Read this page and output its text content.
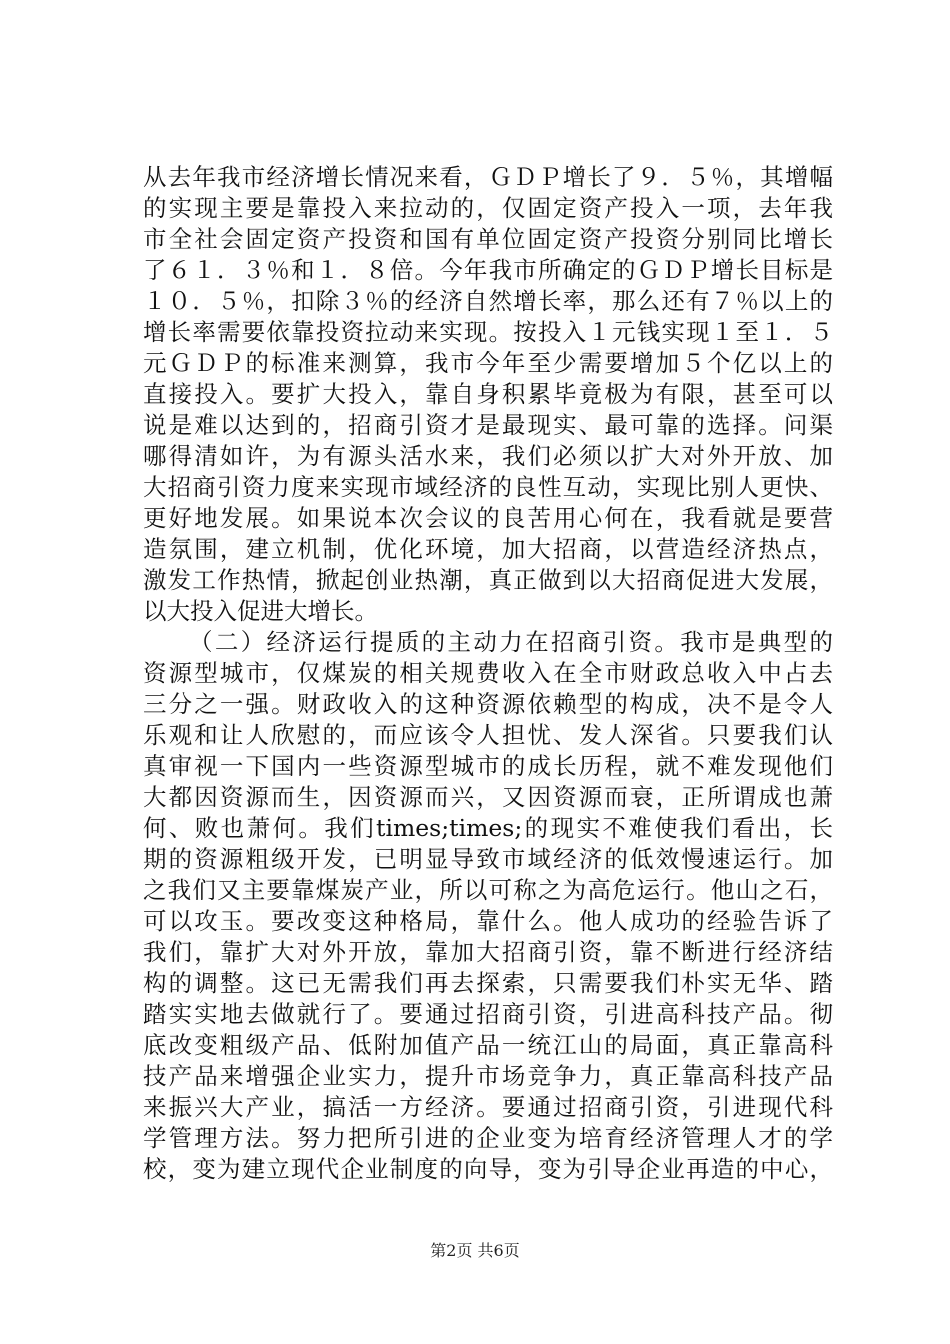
从去年我市经济增长情况来看，ＧＤＰ增长了９．５％，其增幅
的实现主要是靠投入来拉动的，仅固定资产投入一项，去年我
市全社会固定资产投资和国有单位固定资产投资分别同比增长
了６１．３％和１．８倍。今年我市所确定的ＧＤＰ增长目标是
１０．５％，扣除３％的经济自然增长率，那么还有７％以上的
增长率需要依靠投资拉动来实现。按投入１元钱实现１至１．５
元ＧＤＰ的标准来测算，我市今年至少需要增加５个亿以上的
直接投入。要扩大投入，靠自身积累毕竟极为有限，甚至可以
说是难以达到的，招商引资才是最现实、最可靠的选择。问渠
哪得清如许，为有源头活水来，我们必须以扩大对外开放、加
大招商引资力度来实现市域经济的良性互动，实现比别人更快、
更好地发展。如果说本次会议的良苦用心何在，我看就是要营
造氛围，建立机制，优化环境，加大招商，以营造经济热点，
激发工作热情，掀起创业热潮，真正做到以大招商促进大发展，
以大投入促进大增长。
（二）经济运行提质的主动力在招商引资。我市是典型的
资源型城市，仅煤炭的相关规费收入在全市财政总收入中占去
三分之一强。财政收入的这种资源依赖型的构成，决不是令人
乐观和让人欣慰的，而应该令人担忧、发人深省。只要我们认
真审视一下国内一些资源型城市的成长历程，就不难发现他们
大都因资源而生，因资源而兴，又因资源而衰，正所谓成也萧
何、败也萧何。我们times;times;的现实不难使我们看出，长
期的资源粗级开发，已明显导致市域经济的低效慢速运行。加
之我们又主要靠煤炭产业，所以可称之为高危运行。他山之石，
可以攻玉。要改变这种格局，靠什么。他人成功的经验告诉了
我们，靠扩大对外开放，靠加大招商引资，靠不断进行经济结
构的调整。这已无需我们再去探索，只需要我们朴实无华、踏
踏实实地去做就行了。要通过招商引资，引进高科技产品。彻
底改变粗级产品、低附加值产品一统江山的局面，真正靠高科
技产品来增强企业实力，提升市场竞争力，真正靠高科技产品
来振兴大产业，搞活一方经济。要通过招商引资，引进现代科
学管理方法。努力把所引进的企业变为培育经济管理人才的学
校，变为建立现代企业制度的向导，变为引导企业再造的中心，
第2页 共6页
